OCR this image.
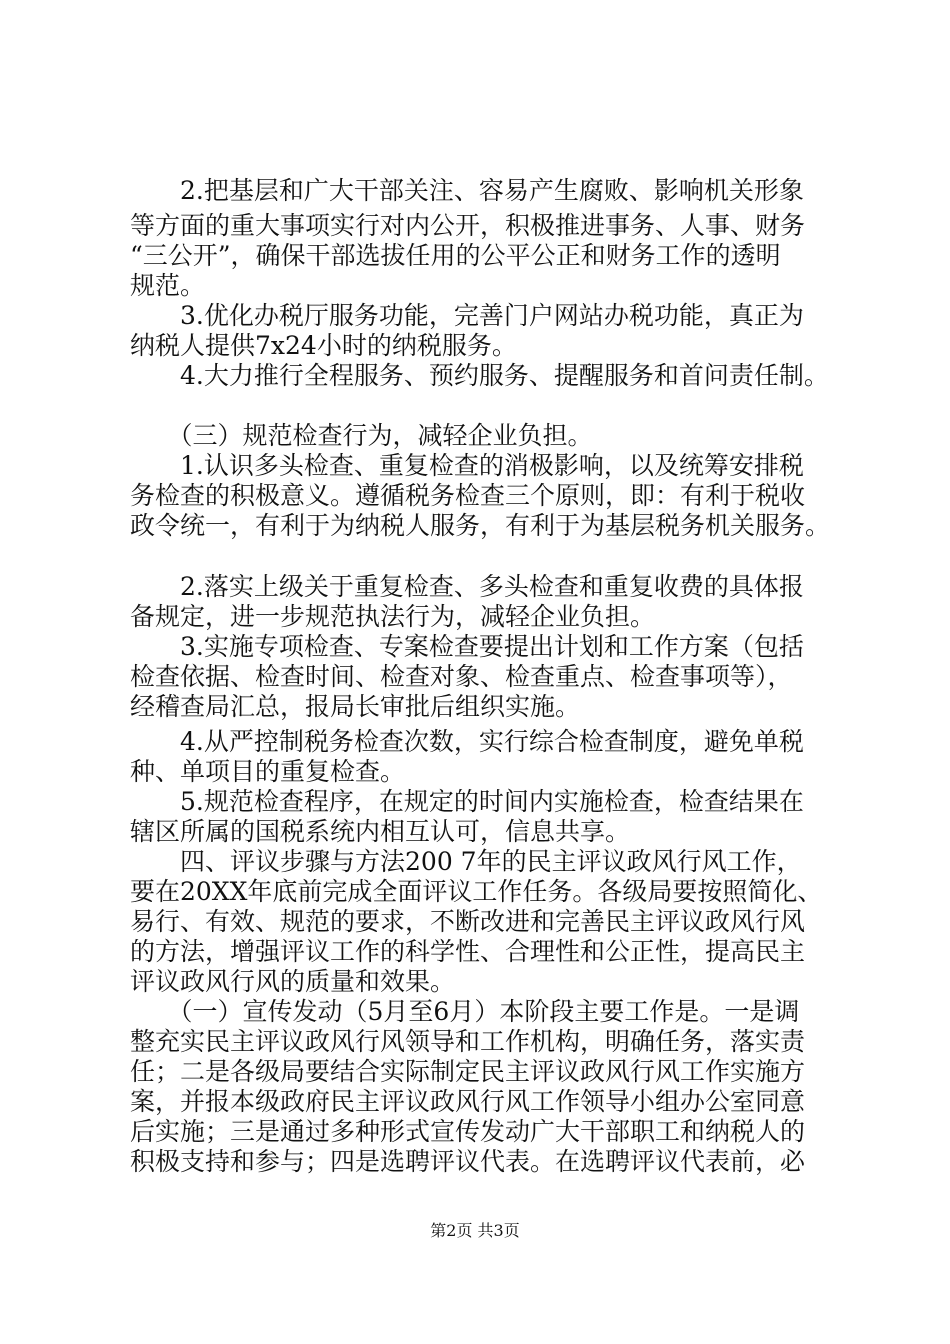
　　2.把基层和广大干部关注、容易产生腐败、影响机关形象
等方面的重大事项实行对内公开，积极推进事务、人事、财务
“三公开”，确保干部选拔任用的公平公正和财务工作的透明
规范。
　　3.优化办税厅服务功能，完善门户网站办税功能，真正为
纳税人提供7x24小时的纳税服务。
　　4.大力推行全程服务、预约服务、提醒服务和首问责任制。
　　（三）规范检查行为，减轻企业负担。
　　1.认识多头检查、重复检查的消极影响，以及统筹安排税
务检查的积极意义。遵循税务检查三个原则，即：有利于税收
政令统一，有利于为纳税人服务，有利于为基层税务机关服务。
　　2.落实上级关于重复检查、多头检查和重复收费的具体报
备规定，进一步规范执法行为，减轻企业负担。
　　3.实施专项检查、专案检查要提出计划和工作方案（包括
检查依据、检查时间、检查对象、检查重点、检查事项等），
经稽查局汇总，报局长审批后组织实施。
　　4.从严控制税务检查次数，实行综合检查制度，避免单税
种、单项目的重复检查。
　　5.规范检查程序，在规定的时间内实施检查，检查结果在
辖区所属的国税系统内相互认可，信息共享。
　　四、评议步骤与方法200 7年的民主评议政风行风工作，
要在20XX年底前完成全面评议工作任务。各级局要按照简化、
易行、有效、规范的要求，不断改进和完善民主评议政风行风
的方法，增强评议工作的科学性、合理性和公正性，提高民主
评议政风行风的质量和效果。
　　（一）宣传发动（5月至6月）本阶段主要工作是。一是调
整充实民主评议政风行风领导和工作机构，明确任务，落实责
任；二是各级局要结合实际制定民主评议政风行风工作实施方
案，并报本级政府民主评议政风行风工作领导小组办公室同意
后实施；三是通过多种形式宣传发动广大干部职工和纳税人的
积极支持和参与；四是选聘评议代表。在选聘评议代表前，必
第2页 共3页
